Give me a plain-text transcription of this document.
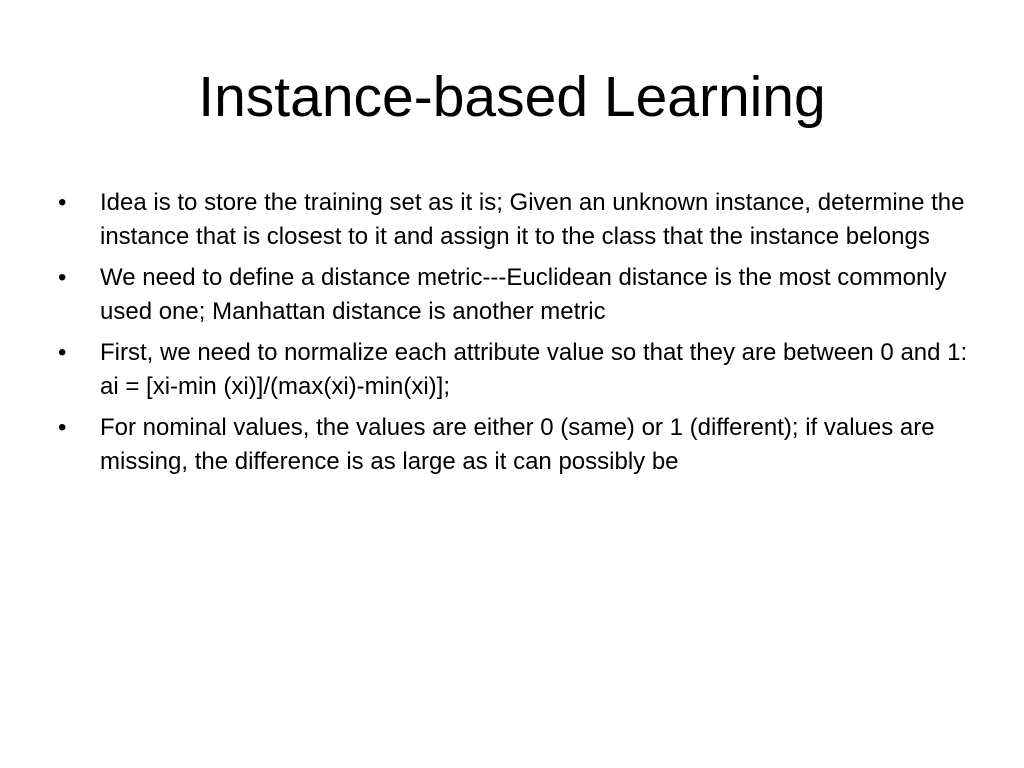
Instance-based Learning
•	Idea is to store the training set as it is; Given an unknown instance, determine the instance that is closest to it and assign it to the class that the instance belongs
•	We need to define a distance metric---Euclidean distance is the most commonly used one; Manhattan distance is another metric
•	First, we need to normalize each attribute value so that they are between 0 and 1: ai = [xi-min (xi)]/(max(xi)-min(xi)];
•	For nominal values, the values are either 0 (same) or 1 (different); if values are missing, the difference is as large as it can possibly be
